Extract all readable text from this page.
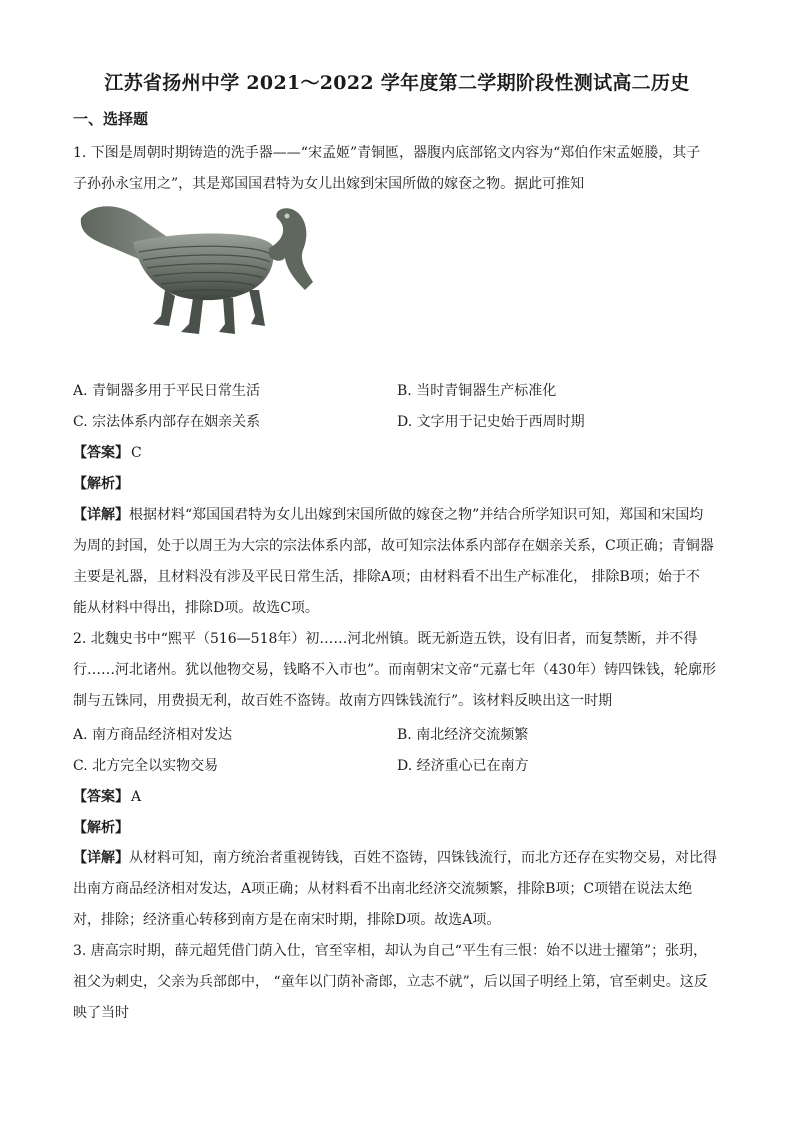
江苏省扬州中学 2021～2022 学年度第二学期阶段性测试高二历史
一、选择题
1. 下图是周朝时期铸造的洗手器——“宋孟姬”青铜匜，器腹内底部铭文内容为“郑伯作宋孟姬媵，其子
子孙孙永宝用之”，其是郑国国君特为女儿出嫁到宋国所做的嫁奁之物。据此可推知
A. 青铜器多用于平民日常生活	B. 当时青铜器生产标准化
C. 宗法体系内部存在姻亲关系	D. 文字用于记史始于西周时期
【答案】 C
【解析】
【详解】根据材料“郑国国君特为女儿出嫁到宋国所做的嫁奁之物”并结合所学知识可知，郑国和宋国均
为周的封国，处于以周王为大宗的宗法体系内部，故可知宗法体系内部存在姻亲关系，C项正确；青铜器
主要是礼器，且材料没有涉及平民日常生活，排除A项；由材料看不出生产标准化， 排除B项；始于不
能从材料中得出，排除D项。故选C项。
2. 北魏史书中“熙平（516—518年）初……河北州镇。既无新造五铁，设有旧者，而复禁断，并不得
行……河北诸州。犹以他物交易，钱略不入市也”。而南朝宋文帝“元嘉七年（430年）铸四铢钱，轮廓形
制与五铢同，用费损无利，故百姓不盗铸。故南方四铢钱流行”。该材料反映出这一时期
A. 南方商品经济相对发达	B. 南北经济交流频繁
C. 北方完全以实物交易	D. 经济重心已在南方
【答案】 A
【解析】
【详解】从材料可知，南方统治者重视铸钱，百姓不盗铸，四铢钱流行，而北方还存在实物交易，对比得
出南方商品经济相对发达，A项正确；从材料看不出南北经济交流频繁，排除B项；C项错在说法太绝
对，排除；经济重心转移到南方是在南宋时期，排除D项。故选A项。
3. 唐高宗时期，薛元超凭借门荫入仕，官至宰相，却认为自己“平生有三恨：始不以进士擢第”；张玥，
祖父为刺史，父亲为兵部郎中， “童年以门荫补斋郎，立志不就”，后以国子明经上第，官至刺史。这反
映了当时
